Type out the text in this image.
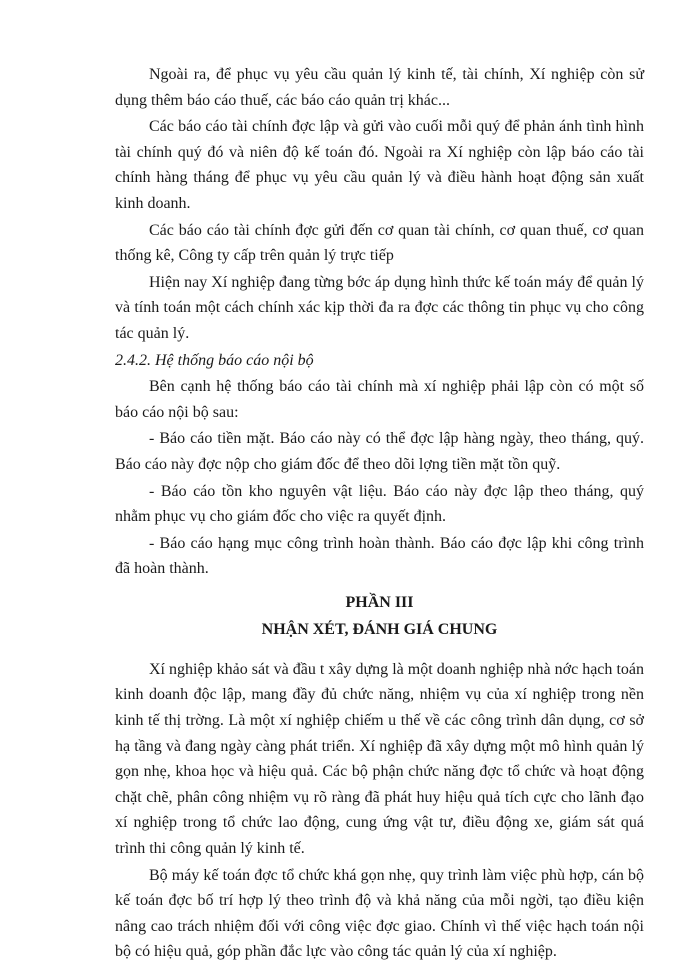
Ngoài ra, để phục vụ yêu cầu quản lý kinh tế, tài chính, Xí nghiệp còn sử dụng thêm báo cáo thuế, các báo cáo quản trị khác...

Các báo cáo tài chính đợc lập và gửi vào cuối mỗi quý để phản ánh tình hình tài chính quý đó và niên độ kế toán đó. Ngoài ra Xí nghiệp còn lập báo cáo tài chính hàng tháng để phục vụ yêu cầu quản lý và điều hành hoạt động sản xuất kinh doanh.

Các báo cáo tài chính đợc gửi đến cơ quan tài chính, cơ quan thuế, cơ quan thống kê, Công ty cấp trên quản lý trực tiếp

Hiện nay Xí nghiệp đang từng bớc áp dụng hình thức kế toán máy để quản lý và tính toán một cách chính xác kịp thời đa ra đợc các thông tin phục vụ cho công tác quản lý.

2.4.2. Hệ thống báo cáo nội bộ

Bên cạnh hệ thống báo cáo tài chính mà xí nghiệp phải lập còn có một số báo cáo nội bộ sau:

- Báo cáo tiền mặt. Báo cáo này có thể đợc lập hàng ngày, theo tháng, quý. Báo cáo này đợc nộp cho giám đốc để theo dõi lợng tiền mặt tồn quỹ.

- Báo cáo tồn kho nguyên vật liệu. Báo cáo này đợc lập theo tháng, quý nhằm phục vụ cho giám đốc cho việc ra quyết định.

- Báo cáo hạng mục công trình hoàn thành. Báo cáo đợc lập khi công trình đã hoàn thành.

PHẦN III

NHẬN XÉT, ĐÁNH GIÁ CHUNG

Xí nghiệp khảo sát và đầu t xây dựng là một doanh nghiệp nhà nớc hạch toán kinh doanh độc lập, mang đầy đủ chức năng, nhiệm vụ của xí nghiệp trong nền kinh tế thị trờng. Là một xí nghiệp chiếm u thế về các công trình dân dụng, cơ sở hạ tầng và đang ngày càng phát triển. Xí nghiệp đã xây dựng một mô hình quản lý gọn nhẹ, khoa học và hiệu quả. Các bộ phận chức năng đợc tổ chức và hoạt động chặt chẽ, phân công nhiệm vụ rõ ràng đã phát huy hiệu quả tích cực cho lãnh đạo xí nghiệp trong tổ chức lao động, cung ứng vật tư, điều động xe, giám sát quá trình thi công quản lý kinh tế.

Bộ máy kế toán đợc tổ chức khá gọn nhẹ, quy trình làm việc phù hợp, cán bộ kế toán đợc bố trí hợp lý theo trình độ và khả năng của mỗi ngời, tạo điều kiện nâng cao trách nhiệm đối với công việc đợc giao. Chính vì thế việc hạch toán nội bộ có hiệu quả, góp phần đắc lực vào công tác quản lý của xí nghiệp.
